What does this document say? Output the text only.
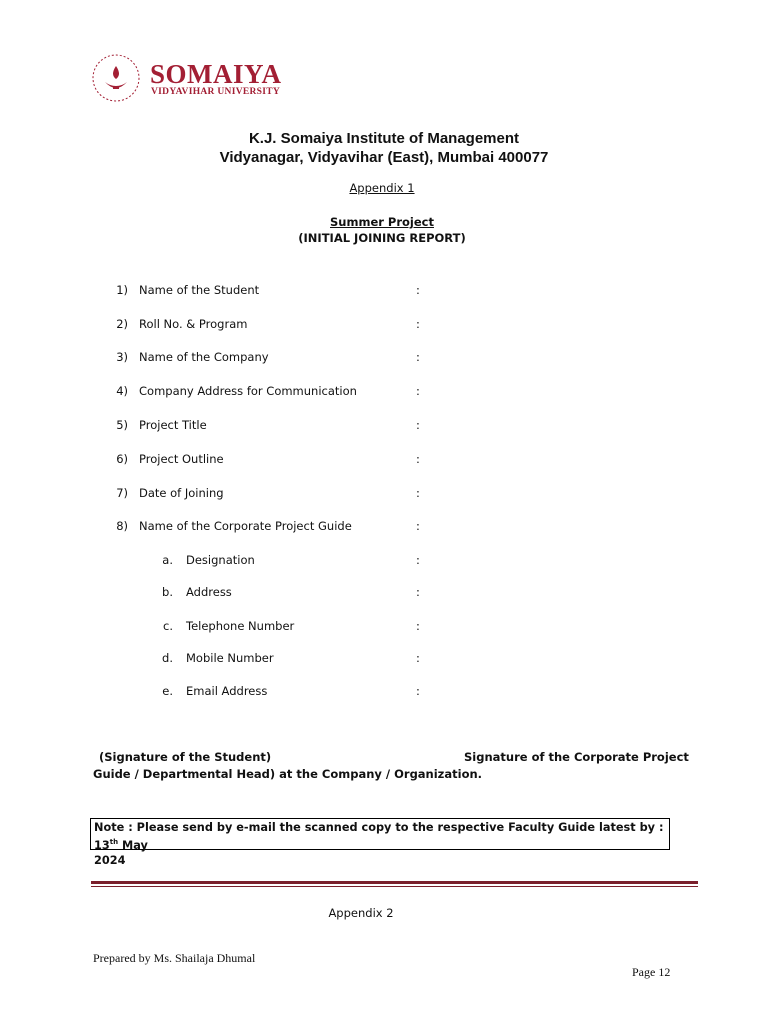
SOMAIYA
VIDYAVIHAR UNIVERSITY
K.J. Somaiya Institute of Management
Vidyanagar, Vidyavihar (East), Mumbai 400077
Appendix 1
Summer Project
(INITIAL JOINING REPORT)
1) Name of the Student	:
2) Roll No. & Program	:
3) Name of the Company	:
4) Company Address for Communication	:
5) Project Title	:
6) Project Outline	:
7) Date of Joining	:
8) Name of the Corporate Project Guide	:
a. Designation	:
b. Address	:
c. Telephone Number	:
d. Mobile Number	:
e. Email Address	:
(Signature of the Student)	Signature of the Corporate Project
Guide / Departmental Head) at the Company / Organization.
Note : Please send by e-mail the scanned copy to the respective Faculty Guide latest by : 13th May
2024
Appendix 2
Prepared by Ms. Shailaja Dhumal
Page 12
